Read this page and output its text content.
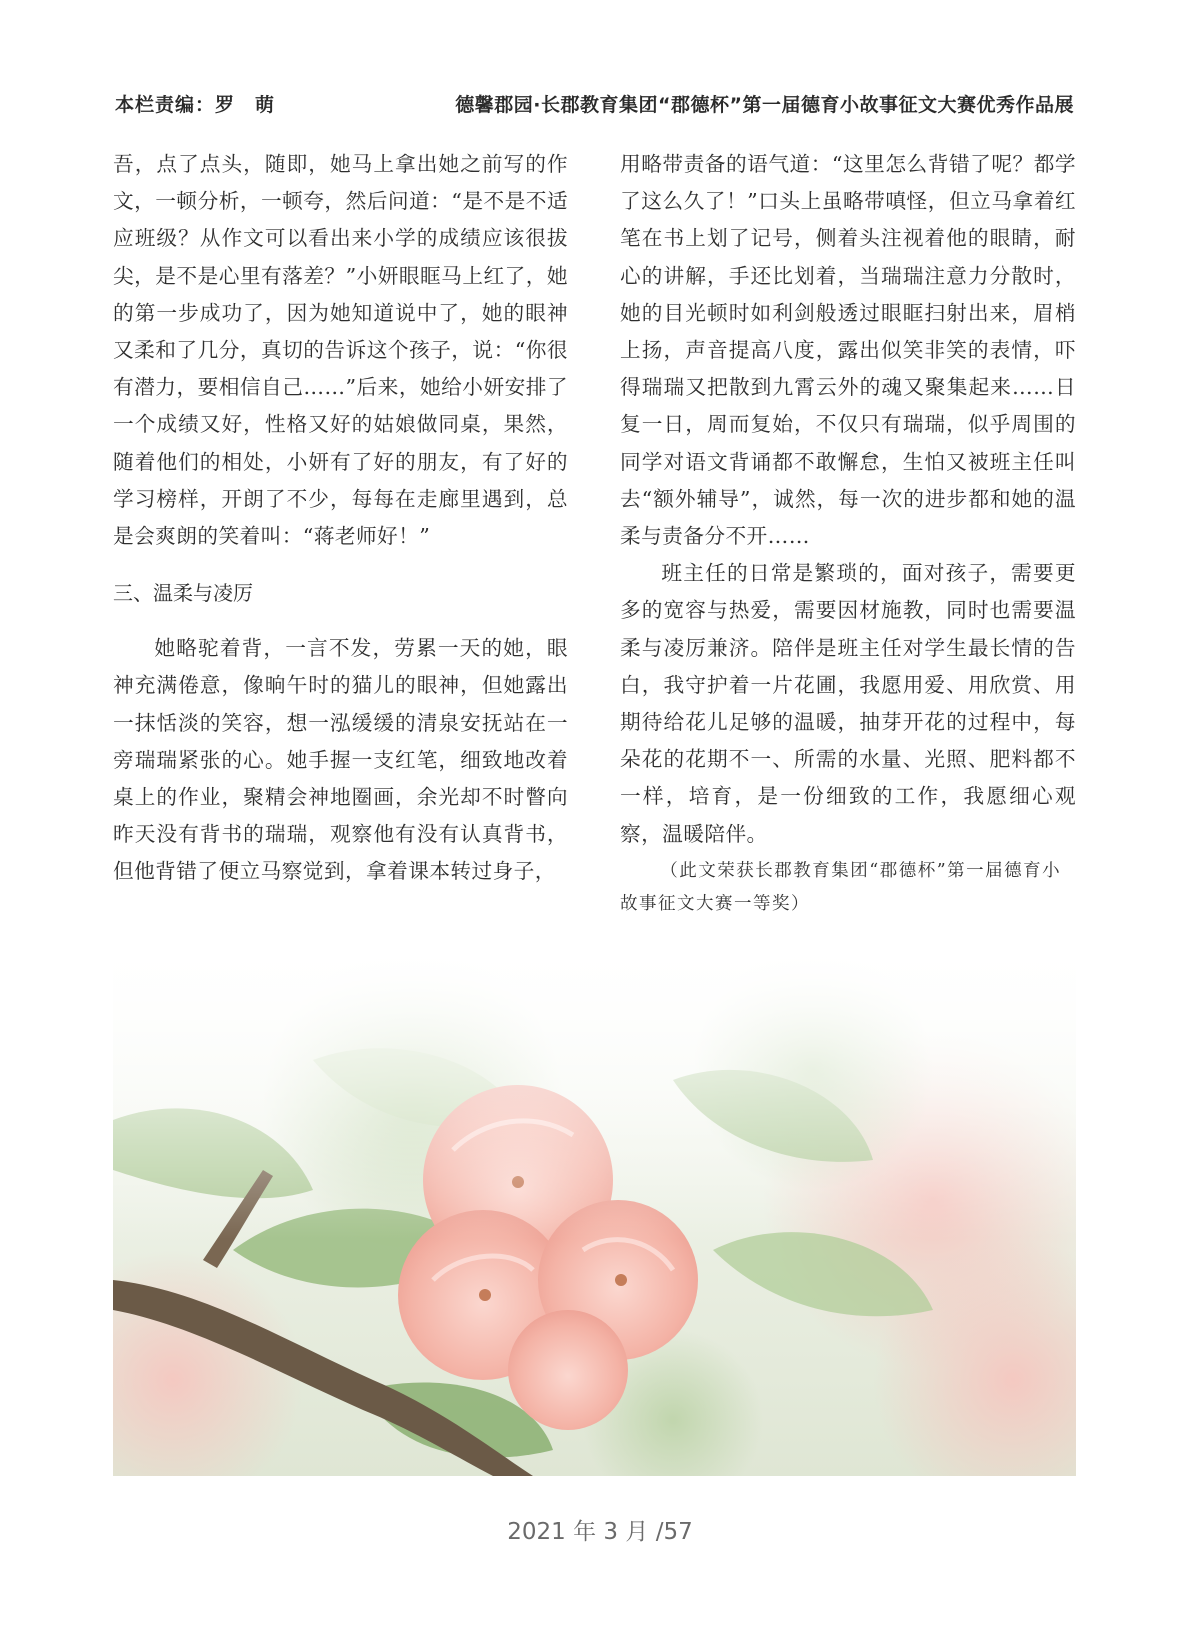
本栏责编：罗　萌	德馨郡园·长郡教育集团“郡德杯”第一届德育小故事征文大赛优秀作品展

吾，点了点头，随即，她马上拿出她之前写的作文，一顿分析，一顿夸，然后问道：“是不是不适应班级？从作文可以看出来小学的成绩应该很拔尖，是不是心里有落差？”小妍眼眶马上红了，她的第一步成功了，因为她知道说中了，她的眼神又柔和了几分，真切的告诉这个孩子，说：“你很有潜力，要相信自己……”后来，她给小妍安排了一个成绩又好，性格又好的姑娘做同桌，果然，随着他们的相处，小妍有了好的朋友，有了好的学习榜样，开朗了不少，每每在走廊里遇到，总是会爽朗的笑着叫：“蒋老师好！”

三、温柔与凌厉

她略驼着背，一言不发，劳累一天的她，眼神充满倦意，像晌午时的猫儿的眼神，但她露出一抹恬淡的笑容，想一泓缓缓的清泉安抚站在一旁瑞瑞紧张的心。她手握一支红笔，细致地改着桌上的作业，聚精会神地圈画，余光却不时瞥向昨天没有背书的瑞瑞，观察他有没有认真背书，但他背错了便立马察觉到，拿着课本转过身子，

用略带责备的语气道：“这里怎么背错了呢？都学了这么久了！”口头上虽略带嗔怪，但立马拿着红笔在书上划了记号，侧着头注视着他的眼睛，耐心的讲解，手还比划着，当瑞瑞注意力分散时，她的目光顿时如利剑般透过眼眶扫射出来，眉梢上扬，声音提高八度，露出似笑非笑的表情，吓得瑞瑞又把散到九霄云外的魂又聚集起来……日复一日，周而复始，不仅只有瑞瑞，似乎周围的同学对语文背诵都不敢懈怠，生怕又被班主任叫去“额外辅导”，诚然，每一次的进步都和她的温柔与责备分不开……

班主任的日常是繁琐的，面对孩子，需要更多的宽容与热爱，需要因材施教，同时也需要温柔与凌厉兼济。陪伴是班主任对学生最长情的告白，我守护着一片花圃，我愿用爱、用欣赏、用期待给花儿足够的温暖，抽芽开花的过程中，每朵花的花期不一、所需的水量、光照、肥料都不一样，培育，是一份细致的工作，我愿细心观察，温暖陪伴。

（此文荣获长郡教育集团“郡德杯”第一届德育小故事征文大赛一等奖）

2021 年 3 月 /57
